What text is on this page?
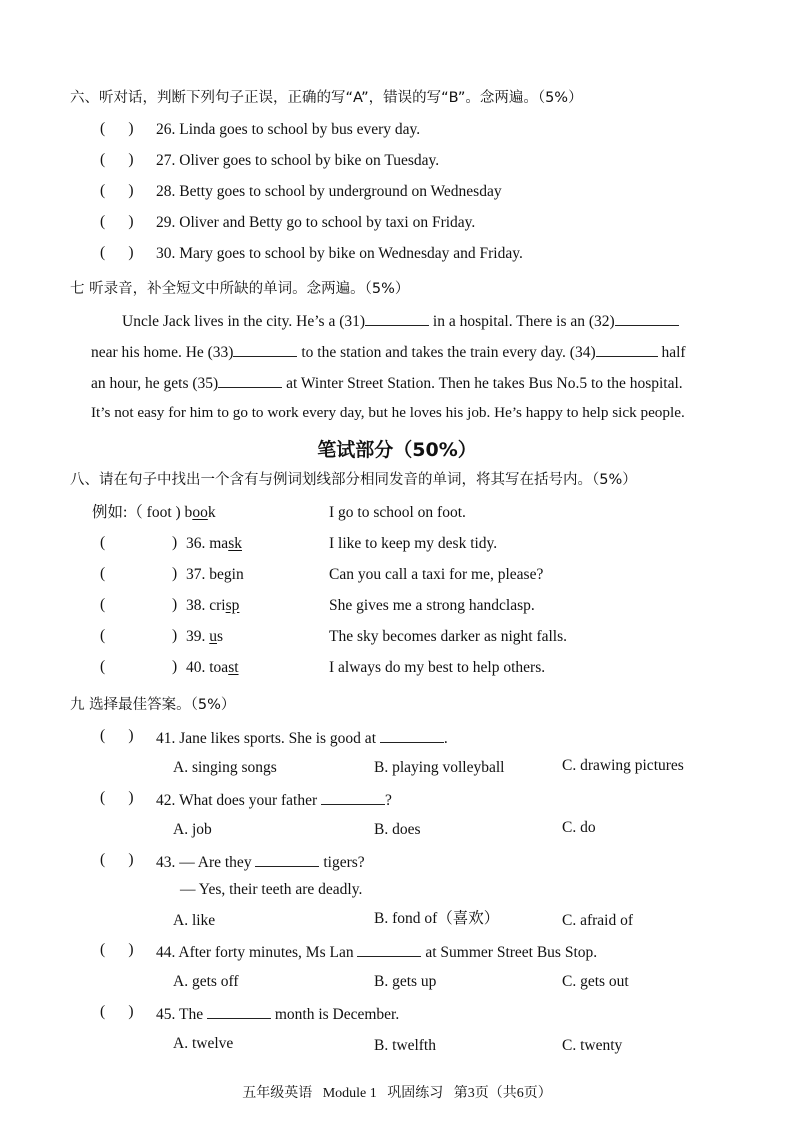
六、听对话，判断下列句子正误，正确的写“A”，错误的写“B”。念两遍。（5%）
(      ) 26. Linda goes to school by bus every day.
(      ) 27. Oliver goes to school by bike on Tuesday.
(      ) 28. Betty goes to school by underground on Wednesday
(      ) 29. Oliver and Betty go to school by taxi on Friday.
(      ) 30. Mary goes to school by bike on Wednesday and Friday.
七 听录音，补全短文中所缺的单词。念两遍。（5%）
Uncle Jack lives in the city. He’s a (31)	in a hospital. There is an (32)
near his home. He (33)	to the station and takes the train every day. (34)	half
an hour, he gets (35)	at Winter Street Station. Then he takes Bus No.5 to the hospital.
It’s not easy for him to go to work every day, but he loves his job. He’s happy to help sick people.
笔试部分（50%）
八、请在句子中找出一个含有与例词划线部分相同发音的单词，将其写在括号内。（5%）
例如:（ foot ) book	I go to school on foot.
(	) 36. mask	I like to keep my desk tidy.
(	) 37. begin	Can you call a taxi for me, please?
(	) 38. crisp	She gives me a strong handclasp.
(	) 39. us	The sky becomes darker as night falls.
(	) 40. toast	I always do my best to help others.
九 选择最佳答案。（5%）
(      ) 41. Jane likes sports. She is good at	.
A. singing songs	B. playing volleyball	C. drawing pictures
(      ) 42. What does your father	?
A. job	B. does	C. do
(      ) 43. — Are they	tigers?
— Yes, their teeth are deadly.
A. like	B. fond of（喜欢）	C. afraid of
(      ) 44. After forty minutes, Ms Lan	at Summer Street Bus Stop.
A. gets off	B. gets up	C. gets out
(      ) 45. The	month is December.
A. twelve	B. twelfth	C. twenty
五年级英语   Module 1   巩固练习   第3页（共6页）
